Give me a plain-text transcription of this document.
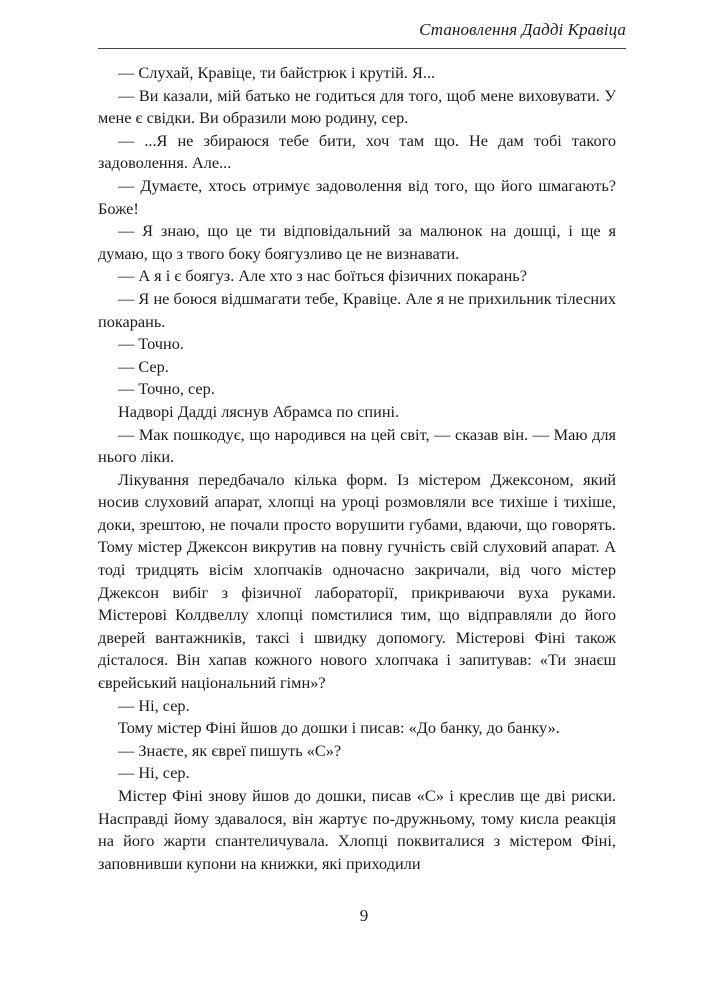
Становлення Дадді Кравіца

— Слухай, Кравіце, ти байстрюк і крутій. Я...

— Ви казали, мій батько не годиться для того, щоб мене виховувати. У мене є свідки. Ви образили мою родину, сер.

— ...Я не збираюся тебе бити, хоч там що. Не дам тобі такого задоволення. Але...

— Думаєте, хтось отримує задоволення від того, що його шмагають? Боже!

— Я знаю, що це ти відповідальний за малюнок на дошці, і ще я думаю, що з твого боку боягузливо це не визнавати.

— А я і є боягуз. Але хто з нас боїться фізичних покарань?

— Я не боюся відшмагати тебе, Кравіце. Але я не прихильник тілесних покарань.

— Точно.

— Сер.

— Точно, сер.

Надворі Дадді ляснув Абрамса по спині.

— Мак пошкодує, що народився на цей світ, — сказав він. — Маю для нього ліки.

Лікування передбачало кілька форм. Із містером Джексоном, який носив слуховий апарат, хлопці на уроці розмовляли все тихіше і тихіше, доки, зрештою, не почали просто ворушити губами, вдаючи, що говорять. Тому містер Джексон викрутив на повну гучність свій слуховий апарат. А тоді тридцять вісім хлопчаків одночасно закричали, від чого містер Джексон вибіг з фізичної лабораторії, прикриваючи вуха руками. Містерові Колдвеллу хлопці помстилися тим, що відправляли до його дверей вантажників, таксі і швидку допомогу. Містерові Фіні також дісталося. Він хапав кожного нового хлопчака і запитував: «Ти знаєш єврейський національний гімн»?

— Ні, сер.

Тому містер Фіні йшов до дошки і писав: «До банку, до банку».

— Знаєте, як євреї пишуть «С»?

— Ні, сер.

Містер Фіні знову йшов до дошки, писав «С» і креслив ще дві риски. Насправді йому здавалося, він жартує по-дружньому, тому кисла реакція на його жарти спантеличувала. Хлопці поквиталися з містером Фіні, заповнивши купони на книжки, які приходили

9
